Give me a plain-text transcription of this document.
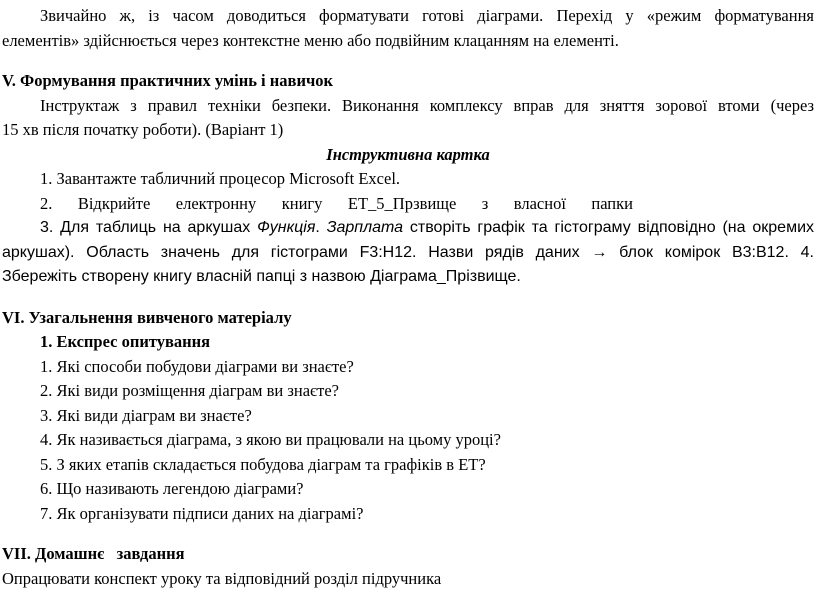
Звичайно ж, із часом доводиться форматувати готові діаграми. Перехід у «режим форматування
елементів» здійснюється через контекстне меню або подвійним клацанням на елементі.
V. Формування практичних умінь і навичок
Інструктаж з правил техніки безпеки. Виконання комплексу вправ для зняття зорової втоми (через
15 хв після початку роботи). (Варіант 1)
Інструктивна картка
1. Завантажте табличний процесор Microsoft Excel.
2. Відкрийте електронну книгу ЕТ_5_Прзвище з власної папки
3. Для таблиць на аркушах Функція. Зарплата створіть графік та гістограму відповідно (на окремих
аркушах). Область значень для гістограми F3:H12. Назви рядів даних → блок комірок B3:B12. 4.
Збережіть створену книгу власній папці з назвою Діаграма_Прізвище.
VI. Узагальнення вивченого матеріалу
1. Експрес опитування
1. Які способи побудови діаграми ви знаєте?
2. Які види розміщення діаграм ви знаєте?
3. Які види діаграм ви знаєте?
4. Як називається діаграма, з якою ви працювали на цьому уроці?
5. З яких етапів складається побудова діаграм та графіків в ЕТ?
6. Що називають легендою діаграми?
7. Як організувати підписи даних на діаграмі?
VII. Домашнє   завдання
Опрацювати конспект уроку та відповідний розділ підручника
